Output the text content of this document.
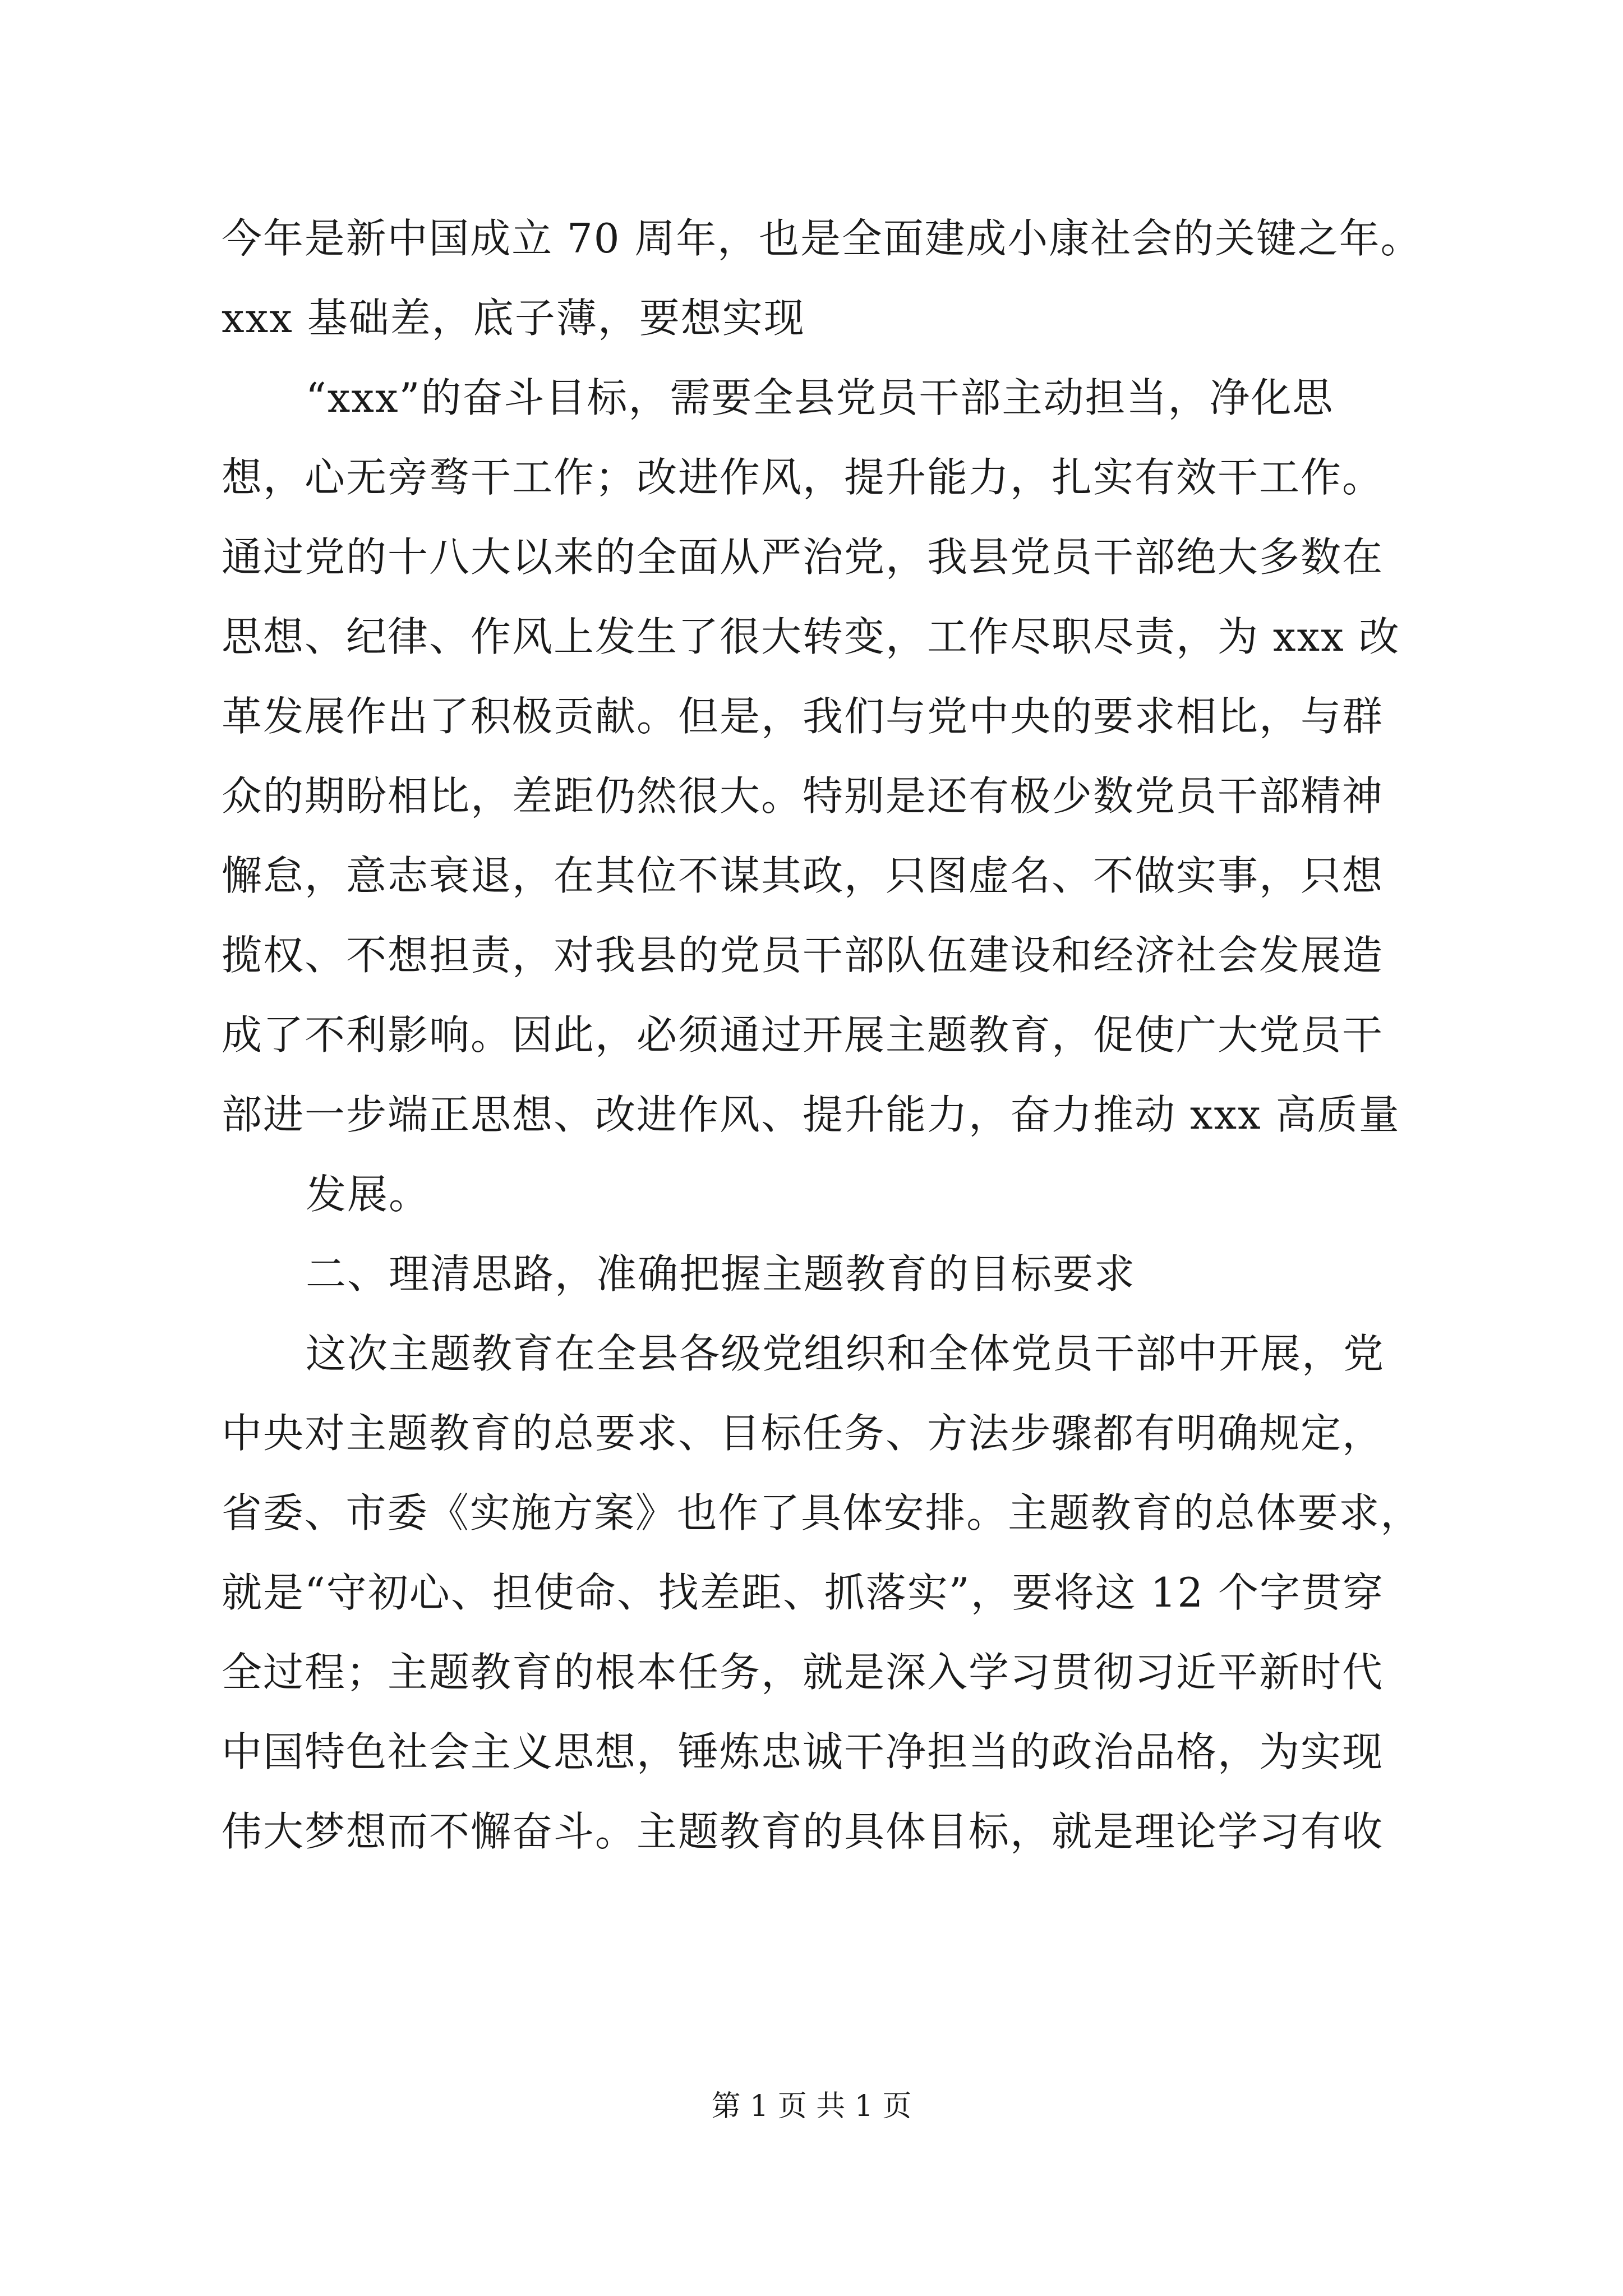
今年是新中国成立 70 周年，也是全面建成小康社会的关键之年。
xxx 基础差，底子薄，要想实现
“xxx”的奋斗目标，需要全县党员干部主动担当，净化思
想，心无旁骛干工作；改进作风，提升能力，扎实有效干工作。
通过党的十八大以来的全面从严治党，我县党员干部绝大多数在
思想、纪律、作风上发生了很大转变，工作尽职尽责，为 xxx 改
革发展作出了积极贡献。但是，我们与党中央的要求相比，与群
众的期盼相比，差距仍然很大。特别是还有极少数党员干部精神
懈怠，意志衰退，在其位不谋其政，只图虚名、不做实事，只想
揽权、不想担责，对我县的党员干部队伍建设和经济社会发展造
成了不利影响。因此，必须通过开展主题教育，促使广大党员干
部进一步端正思想、改进作风、提升能力，奋力推动 xxx 高质量
发展。
二、理清思路，准确把握主题教育的目标要求
这次主题教育在全县各级党组织和全体党员干部中开展，党
中央对主题教育的总要求、目标任务、方法步骤都有明确规定，
省委、市委《实施方案》也作了具体安排。主题教育的总体要求，
就是“守初心、担使命、找差距、抓落实”，要将这 12 个字贯穿
全过程；主题教育的根本任务，就是深入学习贯彻习近平新时代
中国特色社会主义思想，锤炼忠诚干净担当的政治品格，为实现
伟大梦想而不懈奋斗。主题教育的具体目标，就是理论学习有收
第 1 页 共 1 页
